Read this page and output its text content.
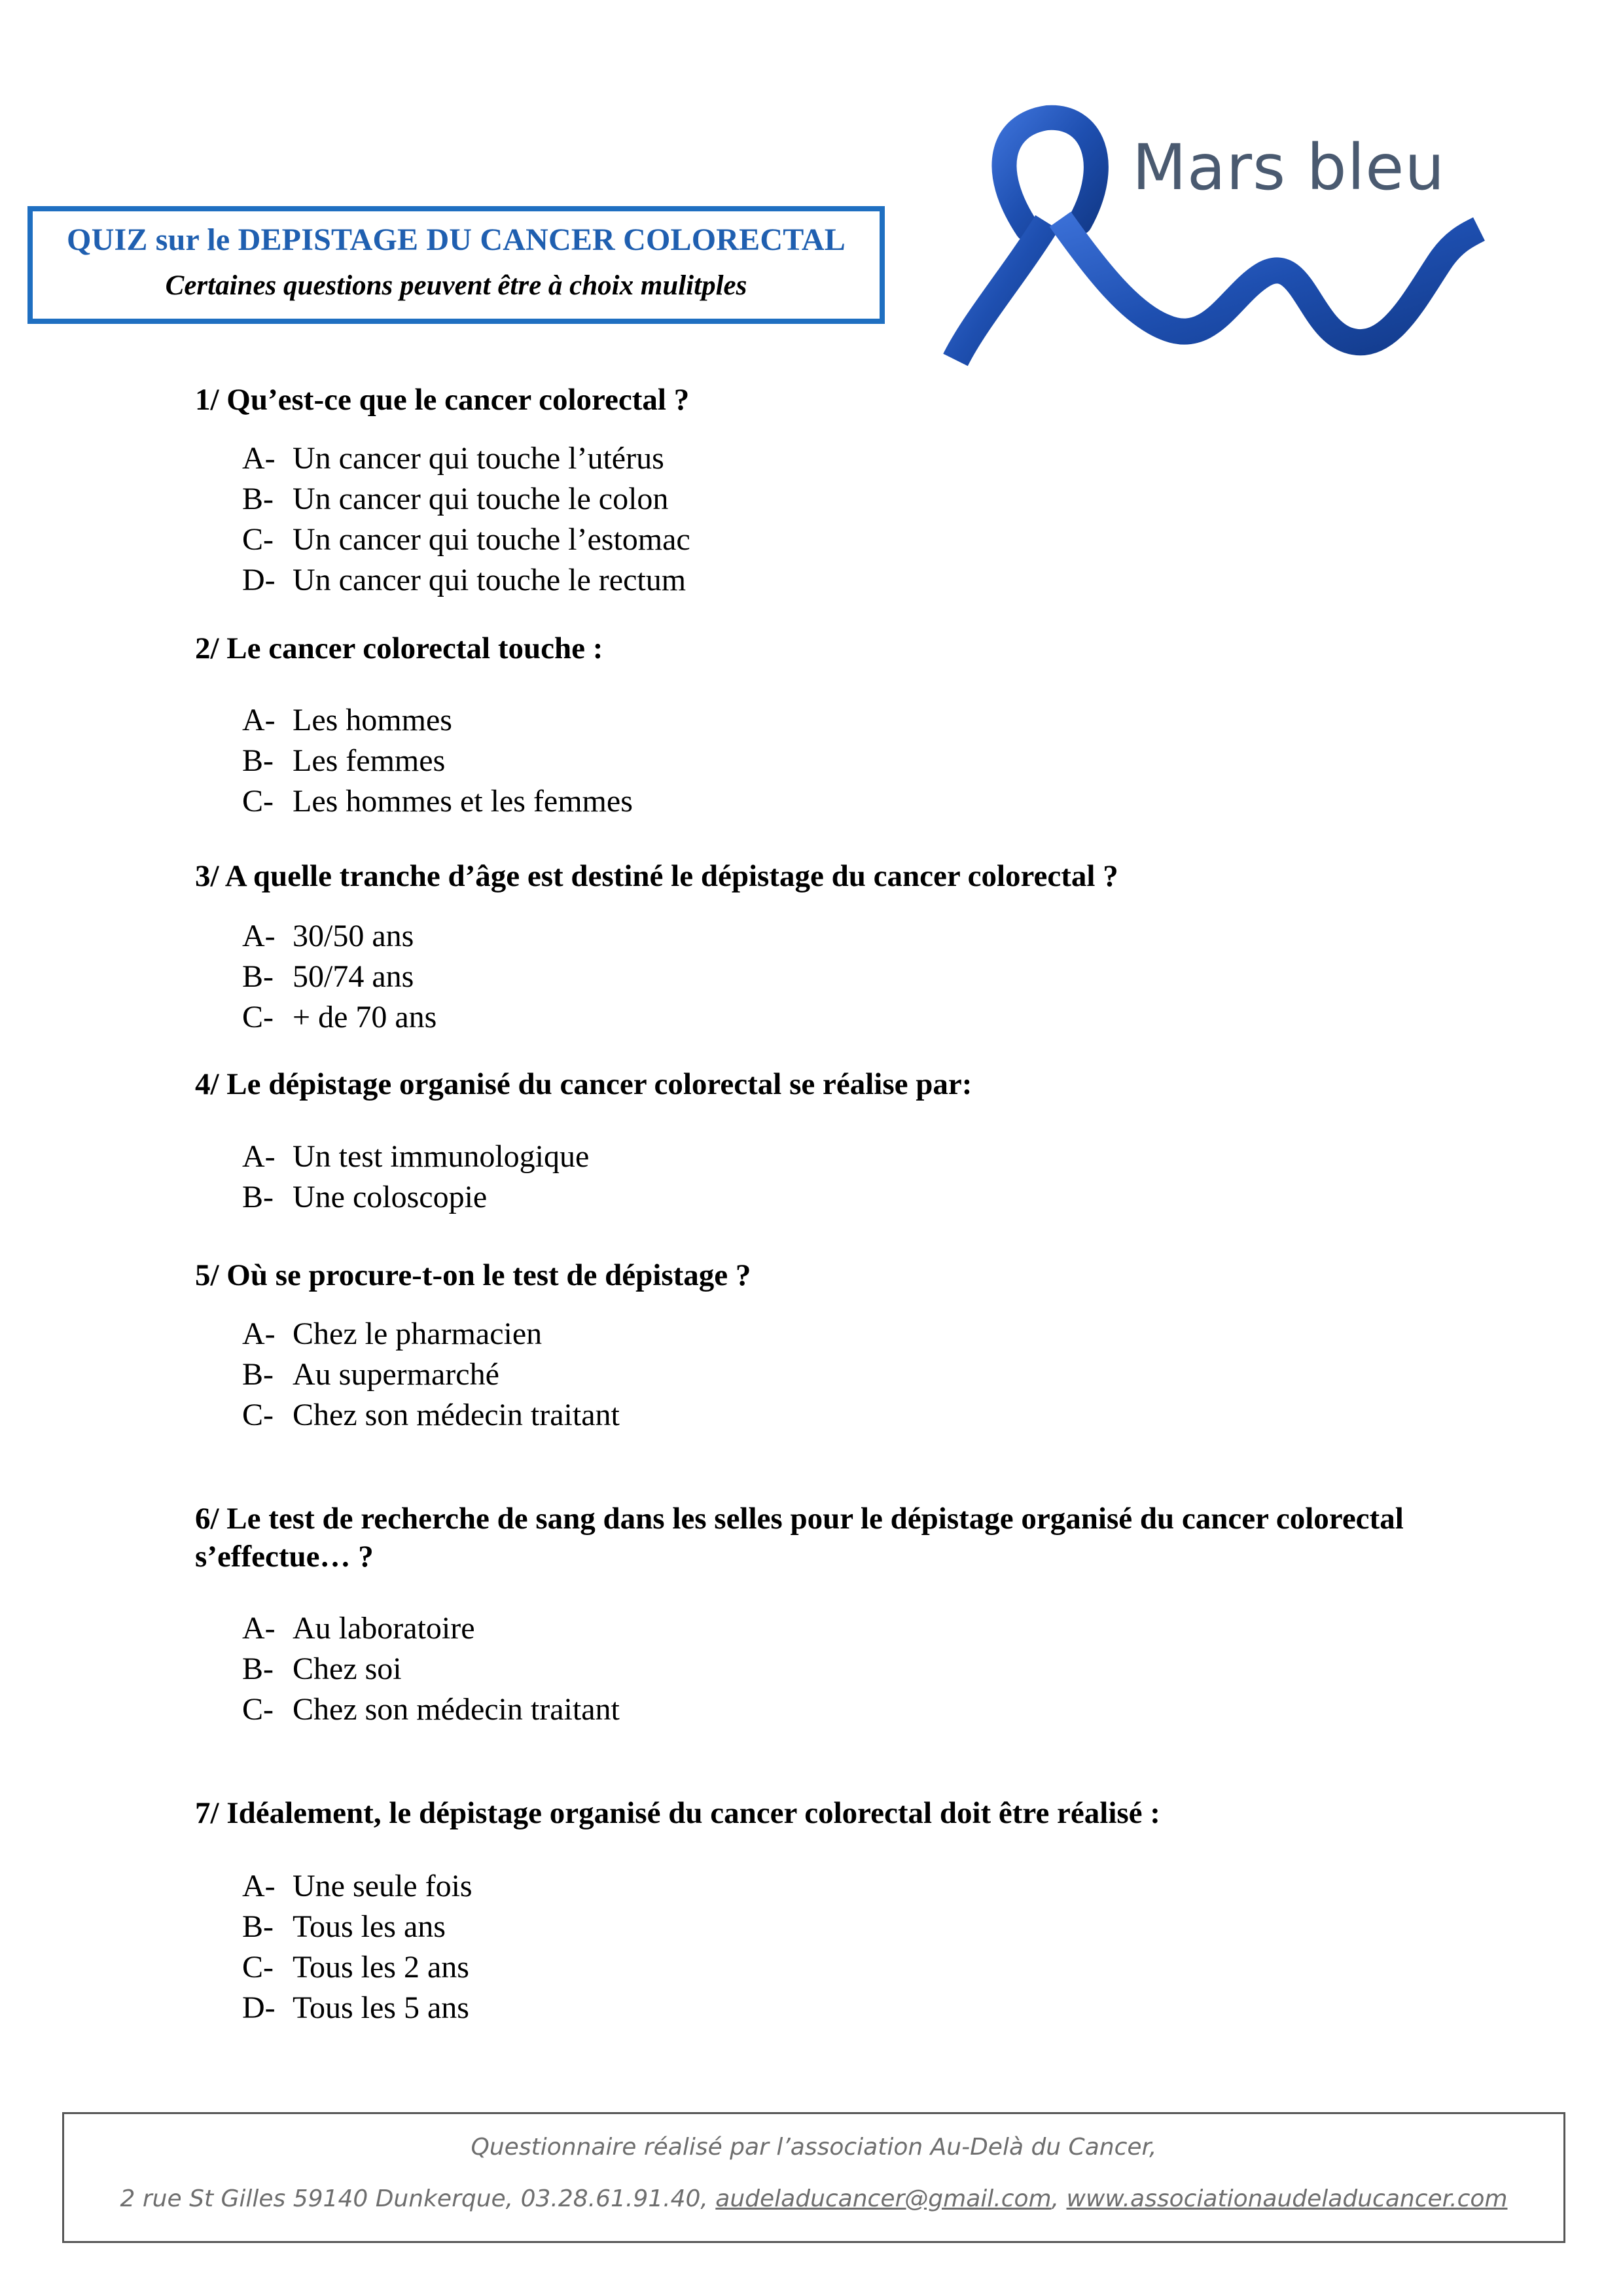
QUIZ sur le DEPISTAGE DU CANCER COLORECTAL
Certaines questions peuvent être à choix mulitples
Mars bleu
1/ Qu’est-ce que le cancer colorectal ?
A- Un cancer qui touche l’utérus
B- Un cancer qui touche le colon
C- Un cancer qui touche l’estomac
D- Un cancer qui touche le rectum
2/ Le cancer colorectal touche :
A- Les hommes
B- Les femmes
C- Les hommes et les femmes
3/ A quelle tranche d’âge est destiné le dépistage du cancer colorectal ?
A- 30/50 ans
B- 50/74 ans
C- + de 70 ans
4/ Le dépistage organisé du cancer colorectal se réalise par:
A- Un test immunologique
B- Une coloscopie
5/ Où se procure-t-on le test de dépistage ?
A- Chez le pharmacien
B- Au supermarché
C- Chez son médecin traitant
6/ Le test de recherche de sang dans les selles pour le dépistage organisé du cancer colorectal s’effectue… ?
A- Au laboratoire
B- Chez soi
C- Chez son médecin traitant
7/ Idéalement, le dépistage organisé du cancer colorectal doit être réalisé :
A- Une seule fois
B- Tous les ans
C- Tous les 2 ans
D- Tous les 5 ans
Questionnaire réalisé par l’association Au-Delà du Cancer,
2 rue St Gilles 59140 Dunkerque, 03.28.61.91.40, audeladucancer@gmail.com, www.associationaudeladucancer.com
